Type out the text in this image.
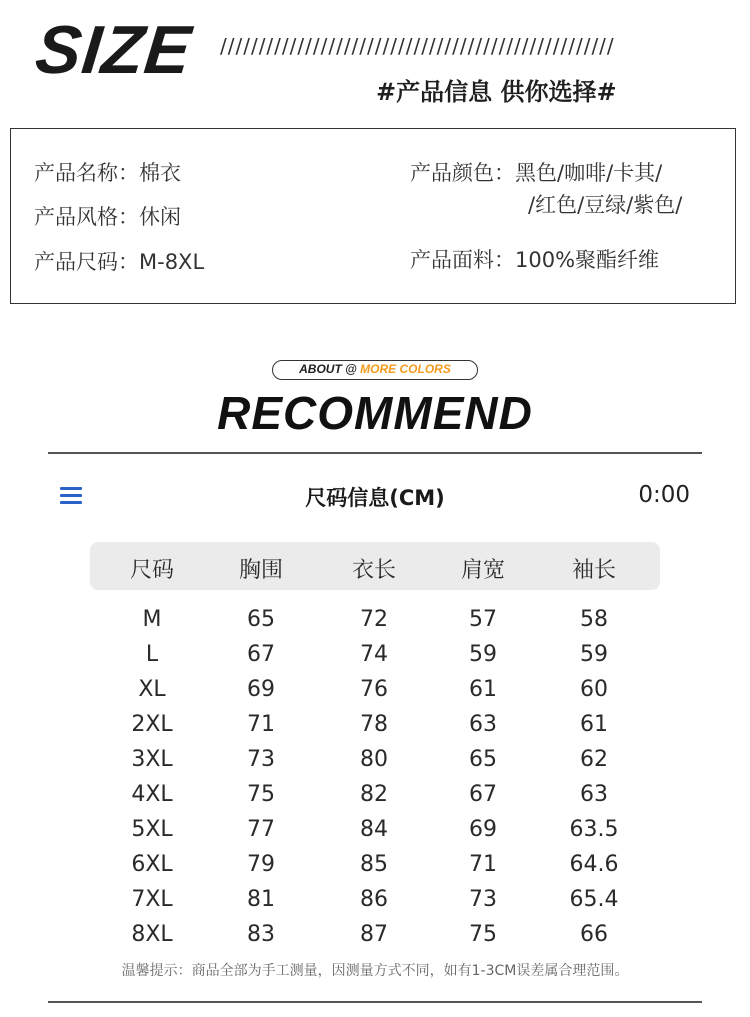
SIZE ///////////////////////////////////////////////////
#产品信息 供你选择#
产品名称：棉衣
产品风格：休闲
产品尺码：M-8XL
产品颜色：黑色/咖啡/卡其/
/红色/豆绿/紫色/
产品面料：100%聚酯纤维
ABOUT @ MORE COLORS
RECOMMEND
尺码信息(CM)	0:00
尺码	胸围	衣长	肩宽	袖长
M	65	72	57	58
L	67	74	59	59
XL	69	76	61	60
2XL	71	78	63	61
3XL	73	80	65	62
4XL	75	82	67	63
5XL	77	84	69	63.5
6XL	79	85	71	64.6
7XL	81	86	73	65.4
8XL	83	87	75	66
温馨提示：商品全部为手工测量，因测量方式不同，如有1-3CM误差属合理范围。
